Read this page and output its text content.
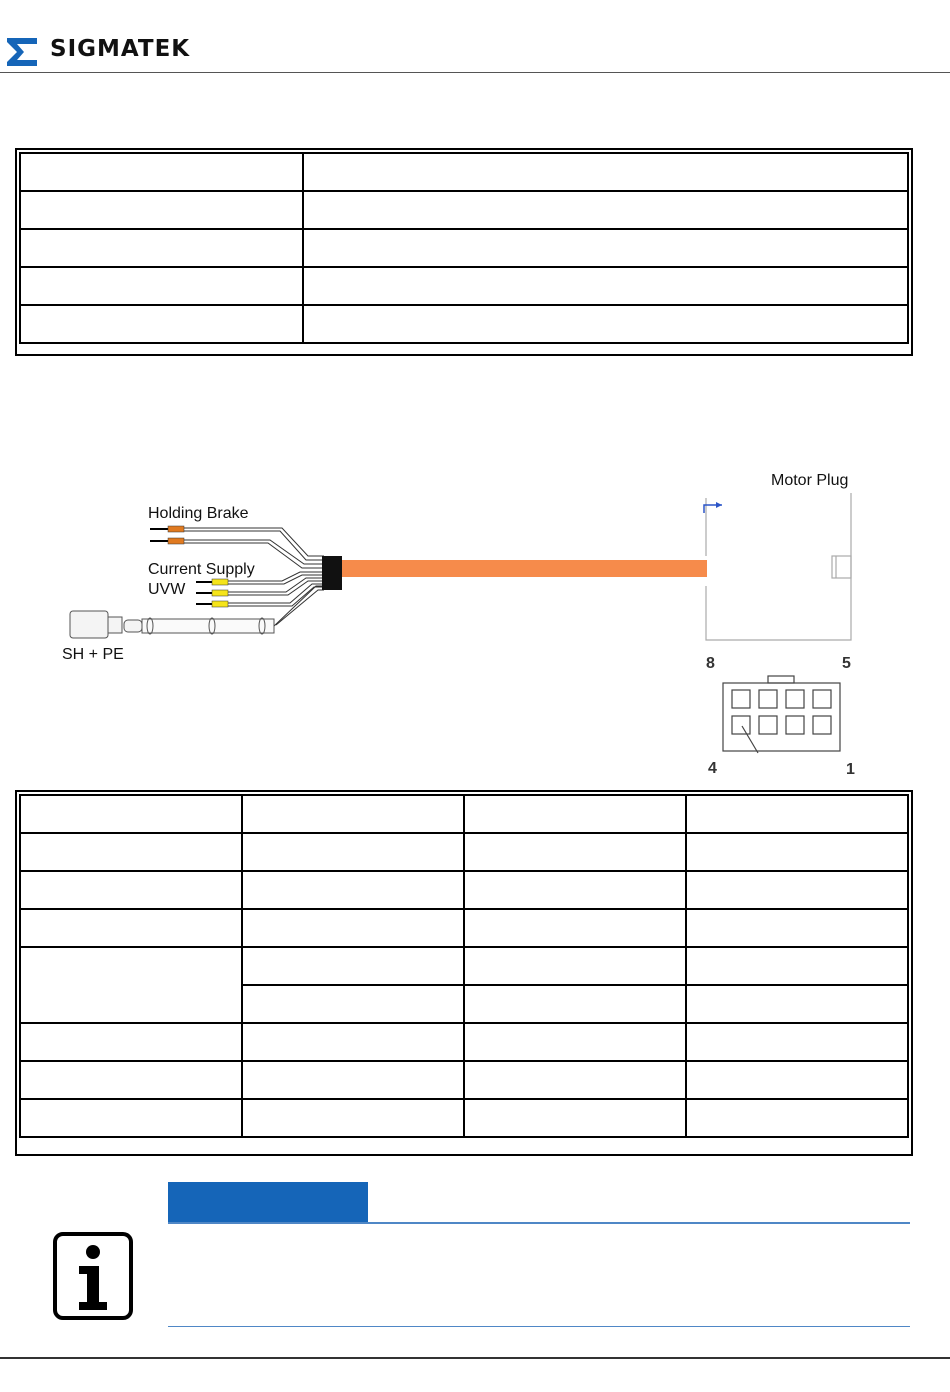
SIGMATEK

Holding Brake
Current Supply
UVW
SH + PE
Motor Plug
8	5
4	1
